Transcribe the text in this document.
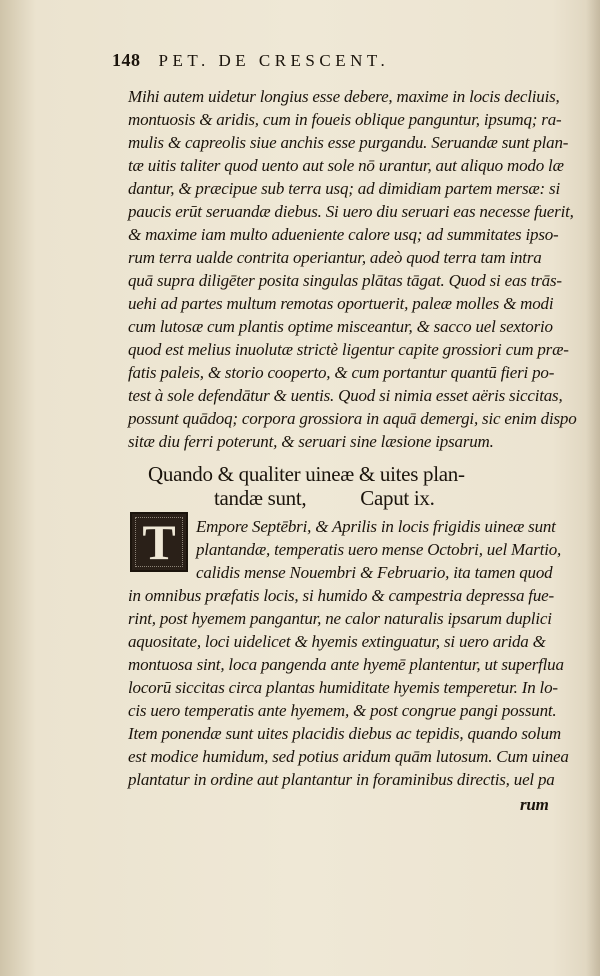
148 PET. DE CRESCENT.
Mihi autem uidetur longius esse debere, maxime in locis decliuis,
montuosis & aridis, cum in foueis oblique panguntur, ipsumq; ra-
mulis & capreolis siue anchis esse purgandu. Seruandæ sunt plan-
tæ uitis taliter quod uento aut sole nō urantur, aut aliquo modo læ
dantur, & præcipue sub terra usq; ad dimidiam partem mersæ: si
paucis erūt seruandæ diebus. Si uero diu seruari eas necesse fuerit,
& maxime iam multo adueniente calore usq; ad summitates ipso-
rum terra ualde contrita operiantur, adeò quod terra tam intra
quā supra diligēter posita singulas plātas tāgat. Quod si eas trās-
uehi ad partes multum remotas oportuerit, paleæ molles & modi
cum lutosæ cum plantis optime misceantur, & sacco uel sextorio
quod est melius inuolutæ strictè ligentur capite grossiori cum præ-
fatis paleis, & storio cooperto, & cum portantur quantū fieri po-
test à sole defendātur & uentis. Quod si nimia esset aëris siccitas,
possunt quādoq; corpora grossiora in aquā demergi, sic enim dispo
sitæ diu ferri poterunt, & seruari sine læsione ipsarum.
Quando & qualiter uineæ & uites plan-
tandæ sunt,	Caput ix.
T Empore Septēbri, & Aprilis in locis frigidis uineæ sunt
plantandæ, temperatis uero mense Octobri, uel Martio,
calidis mense Nouembri & Februario, ita tamen quod
in omnibus præfatis locis, si humido & campestria depressa fue-
rint, post hyemem pangantur, ne calor naturalis ipsarum duplici
aquositate, loci uidelicet & hyemis extinguatur, si uero arida &
montuosa sint, loca pangenda ante hyemē plantentur, ut superflua
locorū siccitas circa plantas humiditate hyemis temperetur. In lo-
cis uero temperatis ante hyemem, & post congrue pangi possunt.
Item ponendæ sunt uites placidis diebus ac tepidis, quando solum
est modice humidum, sed potius aridum quām lutosum. Cum uinea
plantatur in ordine aut plantantur in foraminibus directis, uel pa
rum
